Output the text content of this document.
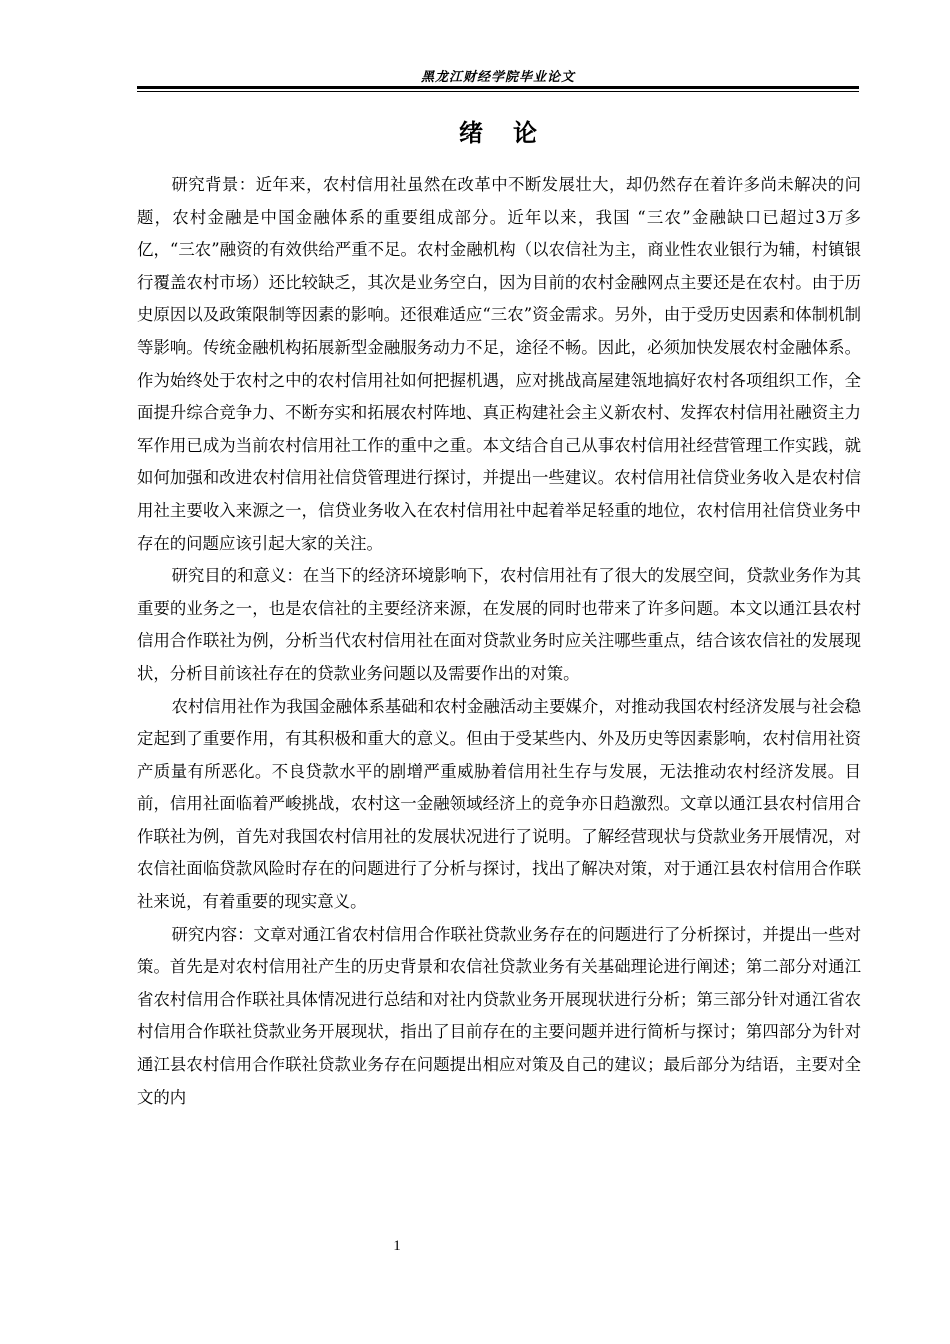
黑龙江财经学院毕业论文
绪论

研究背景：近年来，农村信用社虽然在改革中不断发展壮大，却仍然存在着许多尚未解决的问题，农村金融是中国金融体系的重要组成部分。近年以来，我国 “三农”金融缺口已超过3万多亿，“三农”融资的有效供给严重不足。农村金融机构（以农信社为主，商业性农业银行为辅，村镇银行覆盖农村市场）还比较缺乏，其次是业务空白，因为目前的农村金融网点主要还是在农村。由于历史原因以及政策限制等因素的影响。还很难适应“三农”资金需求。另外，由于受历史因素和体制机制等影响。传统金融机构拓展新型金融服务动力不足，途径不畅。因此，必须加快发展农村金融体系。作为始终处于农村之中的农村信用社如何把握机遇，应对挑战高屋建瓴地搞好农村各项组织工作，全面提升综合竞争力、不断夯实和拓展农村阵地、真正构建社会主义新农村、发挥农村信用社融资主力军作用已成为当前农村信用社工作的重中之重。本文结合自己从事农村信用社经营管理工作实践，就如何加强和改进农村信用社信贷管理进行探讨，并提出一些建议。农村信用社信贷业务收入是农村信用社主要收入来源之一，信贷业务收入在农村信用社中起着举足轻重的地位，农村信用社信贷业务中存在的问题应该引起大家的关注。

研究目的和意义：在当下的经济环境影响下，农村信用社有了很大的发展空间，贷款业务作为其重要的业务之一，也是农信社的主要经济来源，在发展的同时也带来了许多问题。本文以通江县农村信用合作联社为例，分析当代农村信用社在面对贷款业务时应关注哪些重点，结合该农信社的发展现状，分析目前该社存在的贷款业务问题以及需要作出的对策。

农村信用社作为我国金融体系基础和农村金融活动主要媒介，对推动我国农村经济发展与社会稳定起到了重要作用，有其积极和重大的意义。但由于受某些内、外及历史等因素影响，农村信用社资产质量有所恶化。不良贷款水平的剧增严重威胁着信用社生存与发展，无法推动农村经济发展。目前，信用社面临着严峻挑战，农村这一金融领域经济上的竞争亦日趋激烈。文章以通江县农村信用合作联社为例，首先对我国农村信用社的发展状况进行了说明。了解经营现状与贷款业务开展情况，对农信社面临贷款风险时存在的问题进行了分析与探讨，找出了解决对策，对于通江县农村信用合作联社来说，有着重要的现实意义。

研究内容：文章对通江省农村信用合作联社贷款业务存在的问题进行了分析探讨，并提出一些对策。首先是对农村信用社产生的历史背景和农信社贷款业务有关基础理论进行阐述；第二部分对通江省农村信用合作联社具体情况进行总结和对社内贷款业务开展现状进行分析；第三部分针对通江省农村信用合作联社贷款业务开展现状，指出了目前存在的主要问题并进行简析与探讨；第四部分为针对通江县农村信用合作联社贷款业务存在问题提出相应对策及自己的建议；最后部分为结语，主要对全文的内

1
